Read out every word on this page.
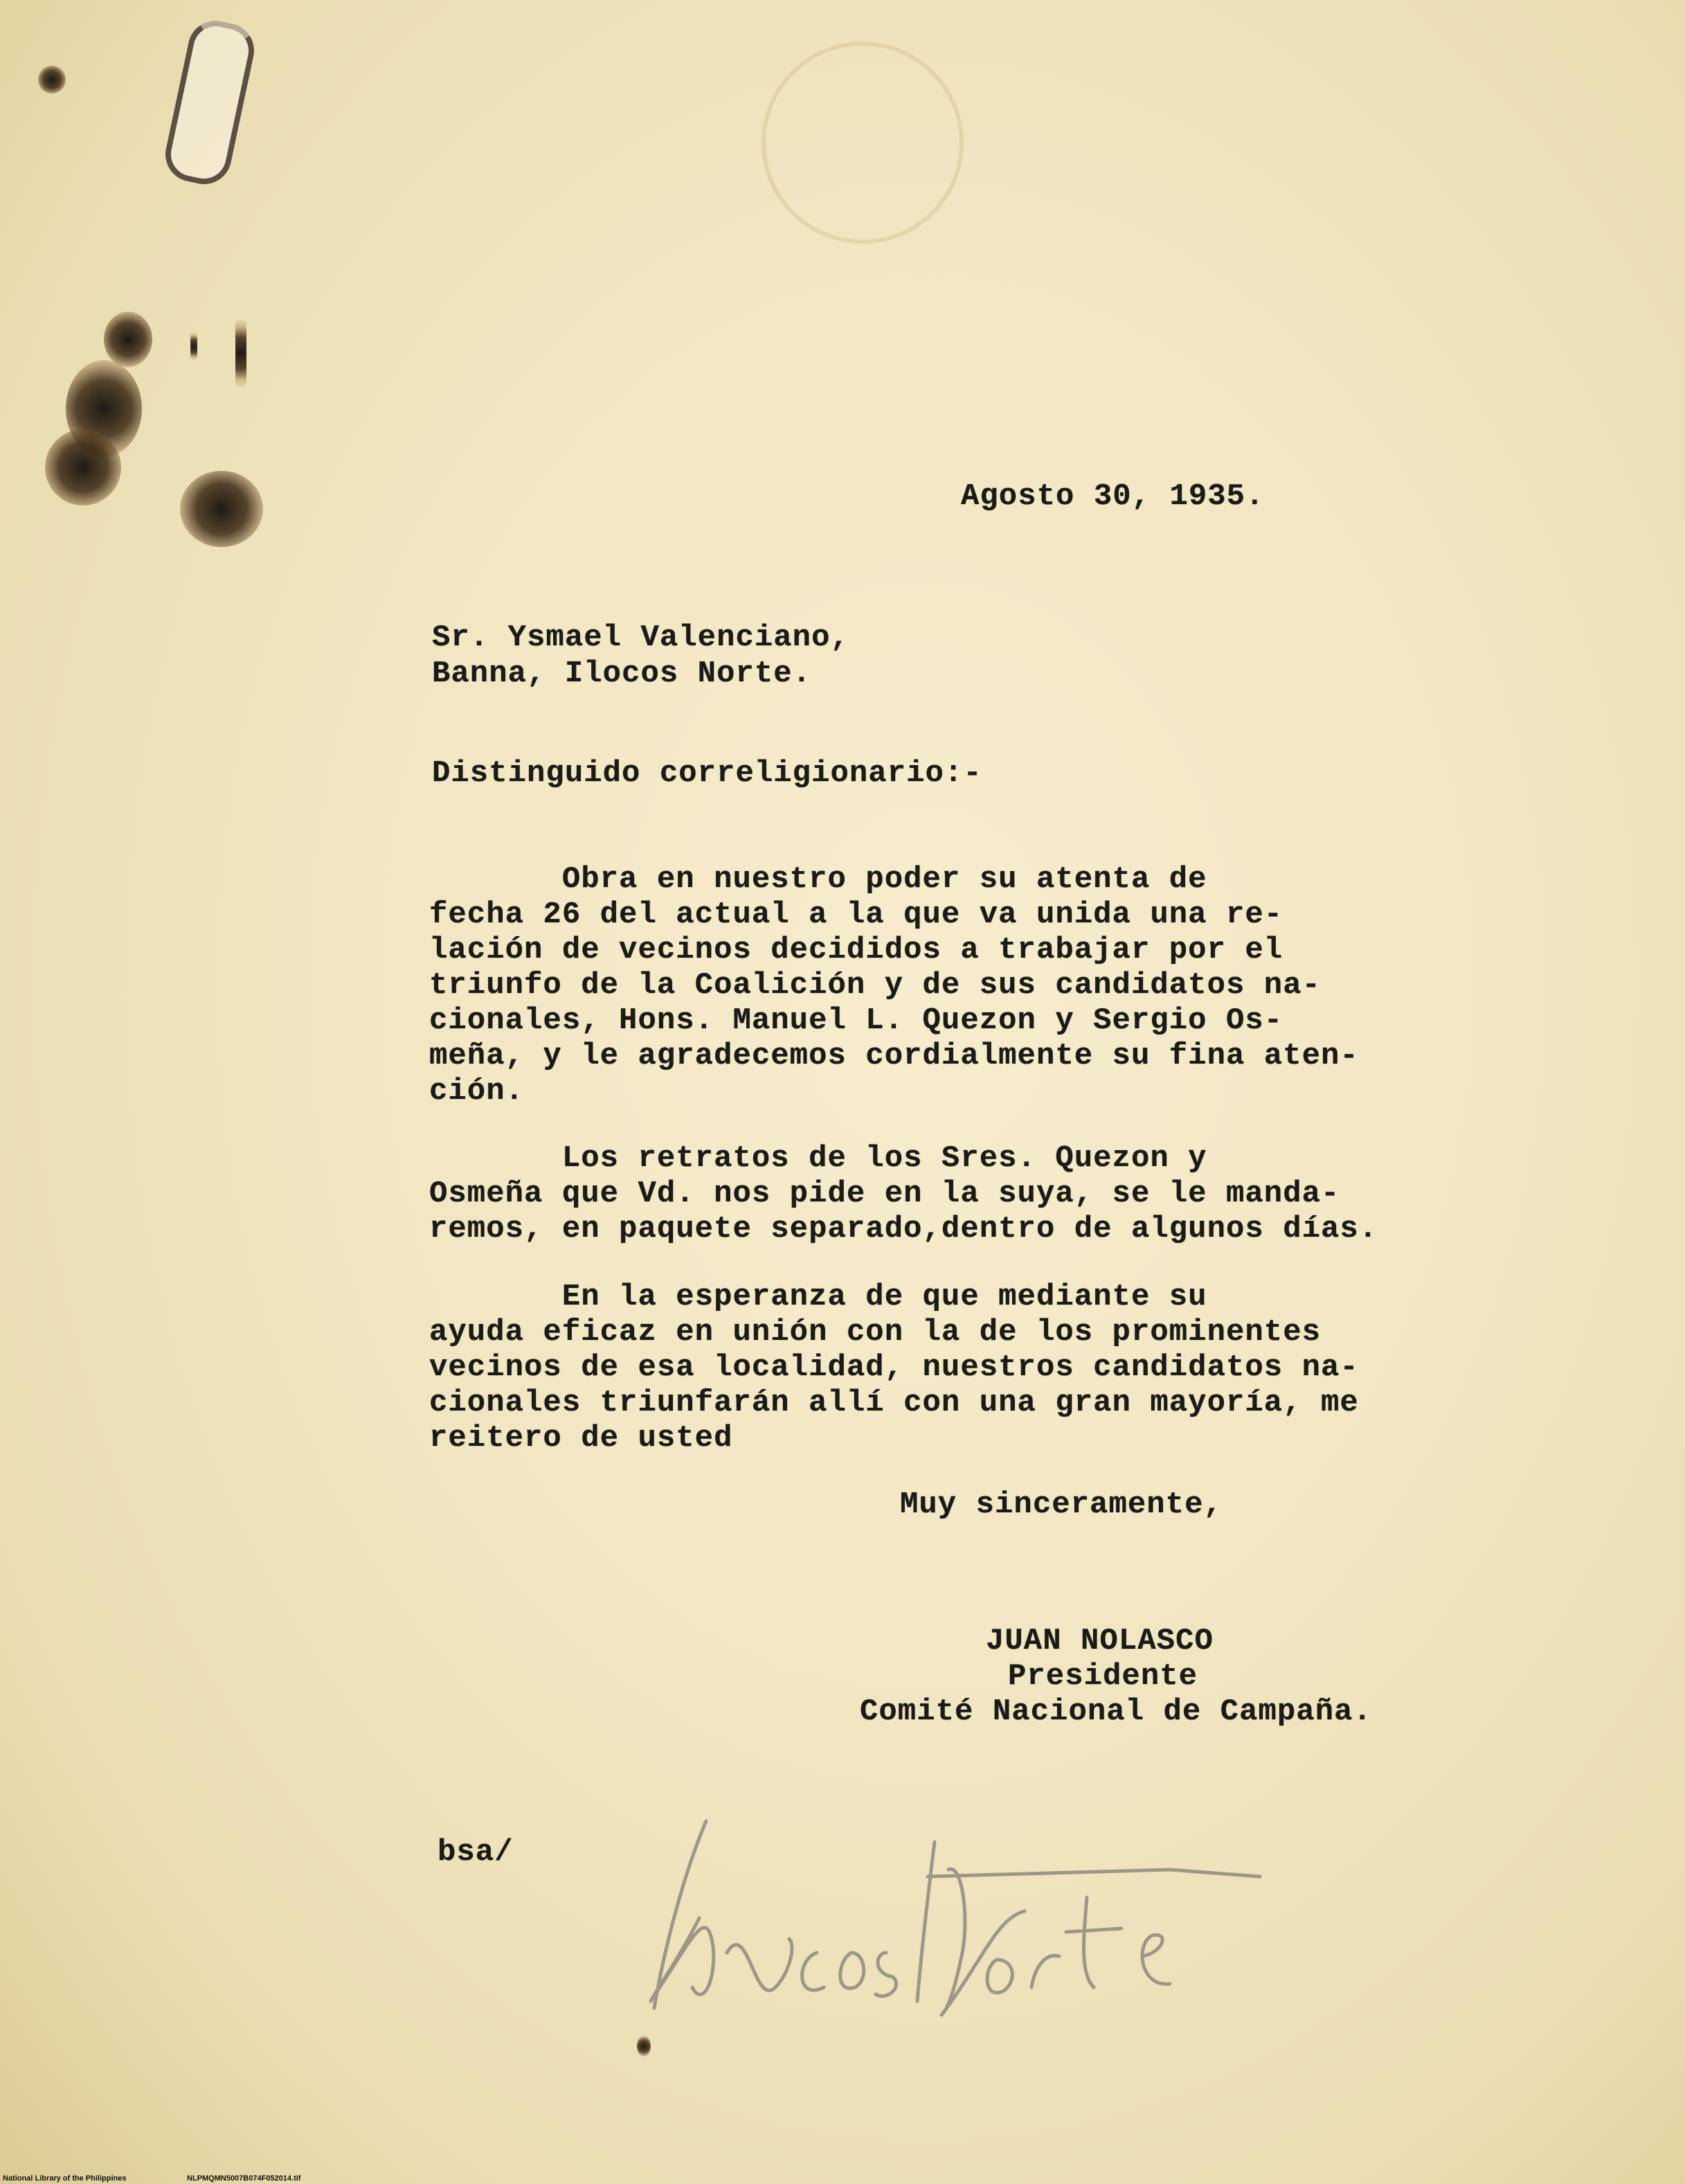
Agosto 30, 1935.
Sr. Ysmael Valenciano,
Banna, Ilocos Norte.
Distinguido correligionario:-
Obra en nuestro poder su atenta de
fecha 26 del actual a la que va unida una re-
lación de vecinos decididos a trabajar por el
triunfo de la Coalición y de sus candidatos na-
cionales, Hons. Manuel L. Quezon y Sergio Os-
meña, y le agradecemos cordialmente su fina aten-
ción.
Los retratos de los Sres. Quezon y
Osmeña que Vd. nos pide en la suya, se le manda-
remos, en paquete separado,dentro de algunos días.
En la esperanza de que mediante su
ayuda eficaz en unión con la de los prominentes
vecinos de esa localidad, nuestros candidatos na-
cionales triunfarán allí con una gran mayoría, me
reitero de usted
Muy sinceramente,
JUAN NOLASCO
Presidente
Comité Nacional de Campaña.
bsa/
Ilocos Norte
National Library of the Philippines	NLPMQMN5007B074F052014.tif
